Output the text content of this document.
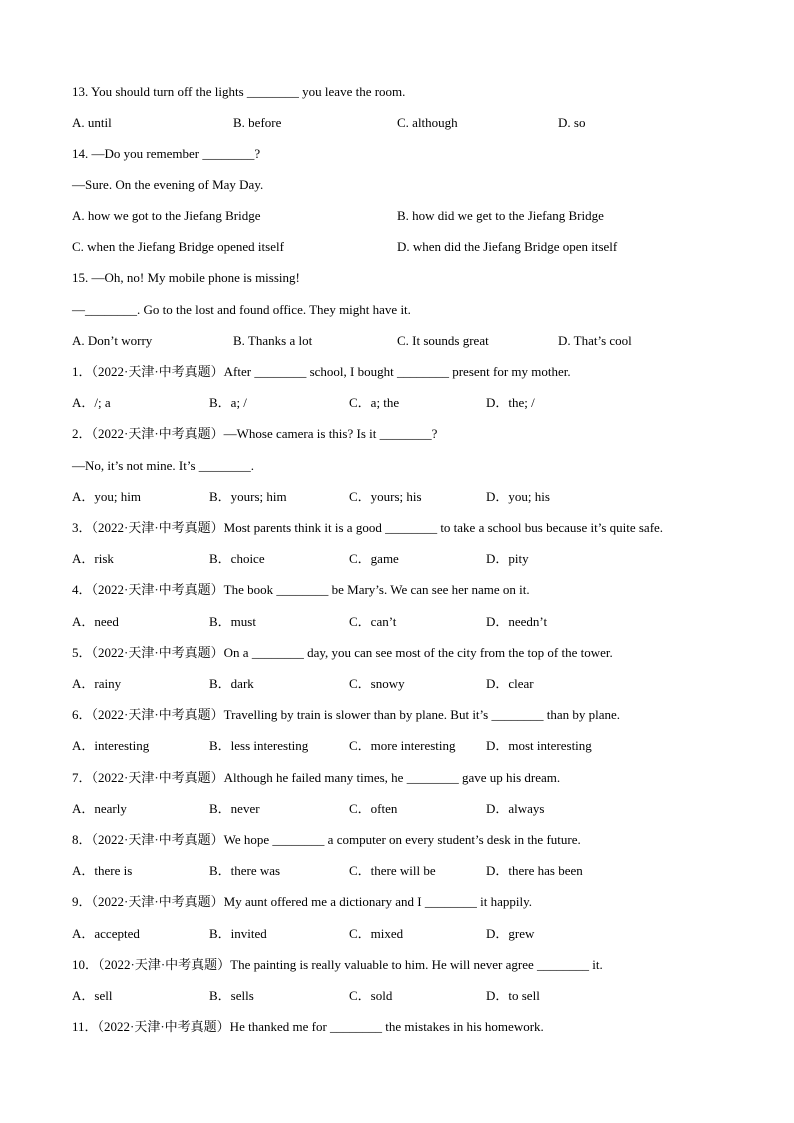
13. You should turn off the lights ________ you leave the room.
A. until	B. before	C. although	D. so
14. —Do you remember ________?
—Sure. On the evening of May Day.
A. how we got to the Jiefang Bridge	B. how did we get to the Jiefang Bridge
C. when the Jiefang Bridge opened itself	D. when did the Jiefang Bridge open itself
15. —Oh, no! My mobile phone is missing!
—________. Go to the lost and found office. They might have it.
A. Don’t worry	B. Thanks a lot	C. It sounds great	D. That’s cool
1．（2022·天津·中考真题）After ________ school, I bought ________ present for my mother.
A．/; a	B．a; /	C．a; the	D．the; /
2．（2022·天津·中考真题）—Whose camera is this? Is it ________?
—No, it’s not mine. It’s ________.
A．you; him	B．yours; him	C．yours; his	D．you; his
3．（2022·天津·中考真题）Most parents think it is a good ________ to take a school bus because it’s quite safe.
A．risk	B．choice	C．game	D．pity
4．（2022·天津·中考真题）The book ________ be Mary’s. We can see her name on it.
A．need	B．must	C．can’t	D．needn’t
5．（2022·天津·中考真题）On a ________ day, you can see most of the city from the top of the tower.
A．rainy	B．dark	C．snowy	D．clear
6．（2022·天津·中考真题）Travelling by train is slower than by plane. But it’s ________ than by plane.
A．interesting	B．less interesting	C．more interesting D．most interesting
7．（2022·天津·中考真题）Although he failed many times, he ________ gave up his dream.
A．nearly	B．never	C．often	D．always
8．（2022·天津·中考真题）We hope ________ a computer on every student’s desk in the future.
A．there is	B．there was	C．there will be	D．there has been
9．（2022·天津·中考真题）My aunt offered me a dictionary and I ________ it happily.
A．accepted	B．invited	C．mixed	D．grew
10．（2022·天津·中考真题）The painting is really valuable to him. He will never agree ________ it.
A．sell	B．sells	C．sold	D．to sell
11．（2022·天津·中考真题）He thanked me for ________ the mistakes in his homework.
